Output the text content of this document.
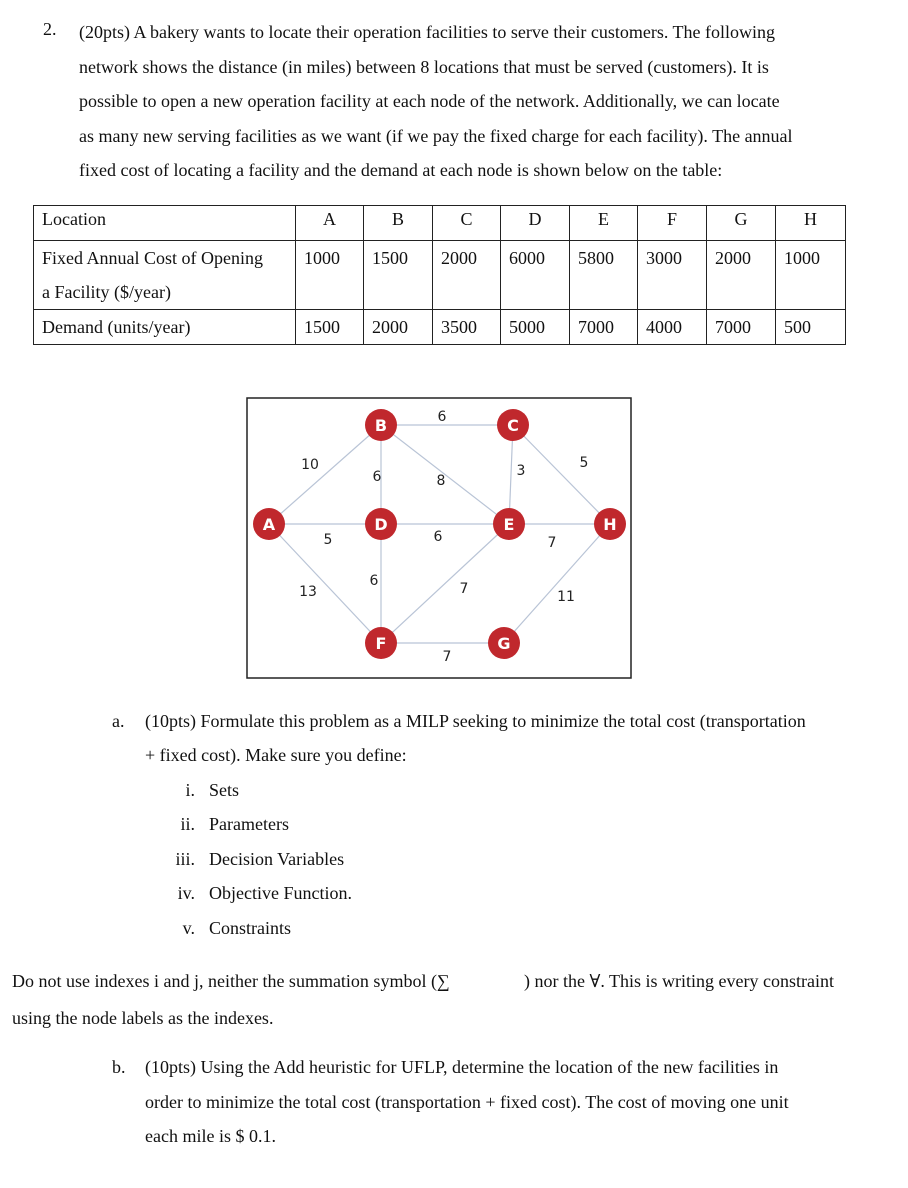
2. (20pts) A bakery wants to locate their operation facilities to serve their customers. The following
network shows the distance (in miles) between 8 locations that must be served (customers). It is
possible to open a new operation facility at each node of the network. Additionally, we can locate
as many new serving facilities as we want (if we pay the fixed charge for each facility). The annual
fixed cost of locating a facility and the demand at each node is shown below on the table:
Location	A	B	C	D	E	F	G	H

Fixed Annual Cost of Opening
a Facility ($/year)	1000	1500	2000	6000	5800	3000	2000	1000
Demand (units/year)	1500	2000	3500	5000	7000	4000	7000	500
6
10
6	8
3	5
5	6	7
13
6	7
7
11
A
B	C
D	E
F	G
H
a. (10pts) Formulate this problem as a MILP seeking to minimize the total cost (transportation
+ fixed cost). Make sure you define:
i. Sets
ii. Parameters
iii. Decision Variables
iv. Objective Function.
v. Constraints
Do not use indexes i and j, neither the summation symbol (∑	) nor the ∀. This is writing every constraint
using the node labels as the indexes.
b. (10pts) Using the Add heuristic for UFLP, determine the location of the new facilities in
order to minimize the total cost (transportation + fixed cost). The cost of moving one unit
each mile is $ 0.1.
